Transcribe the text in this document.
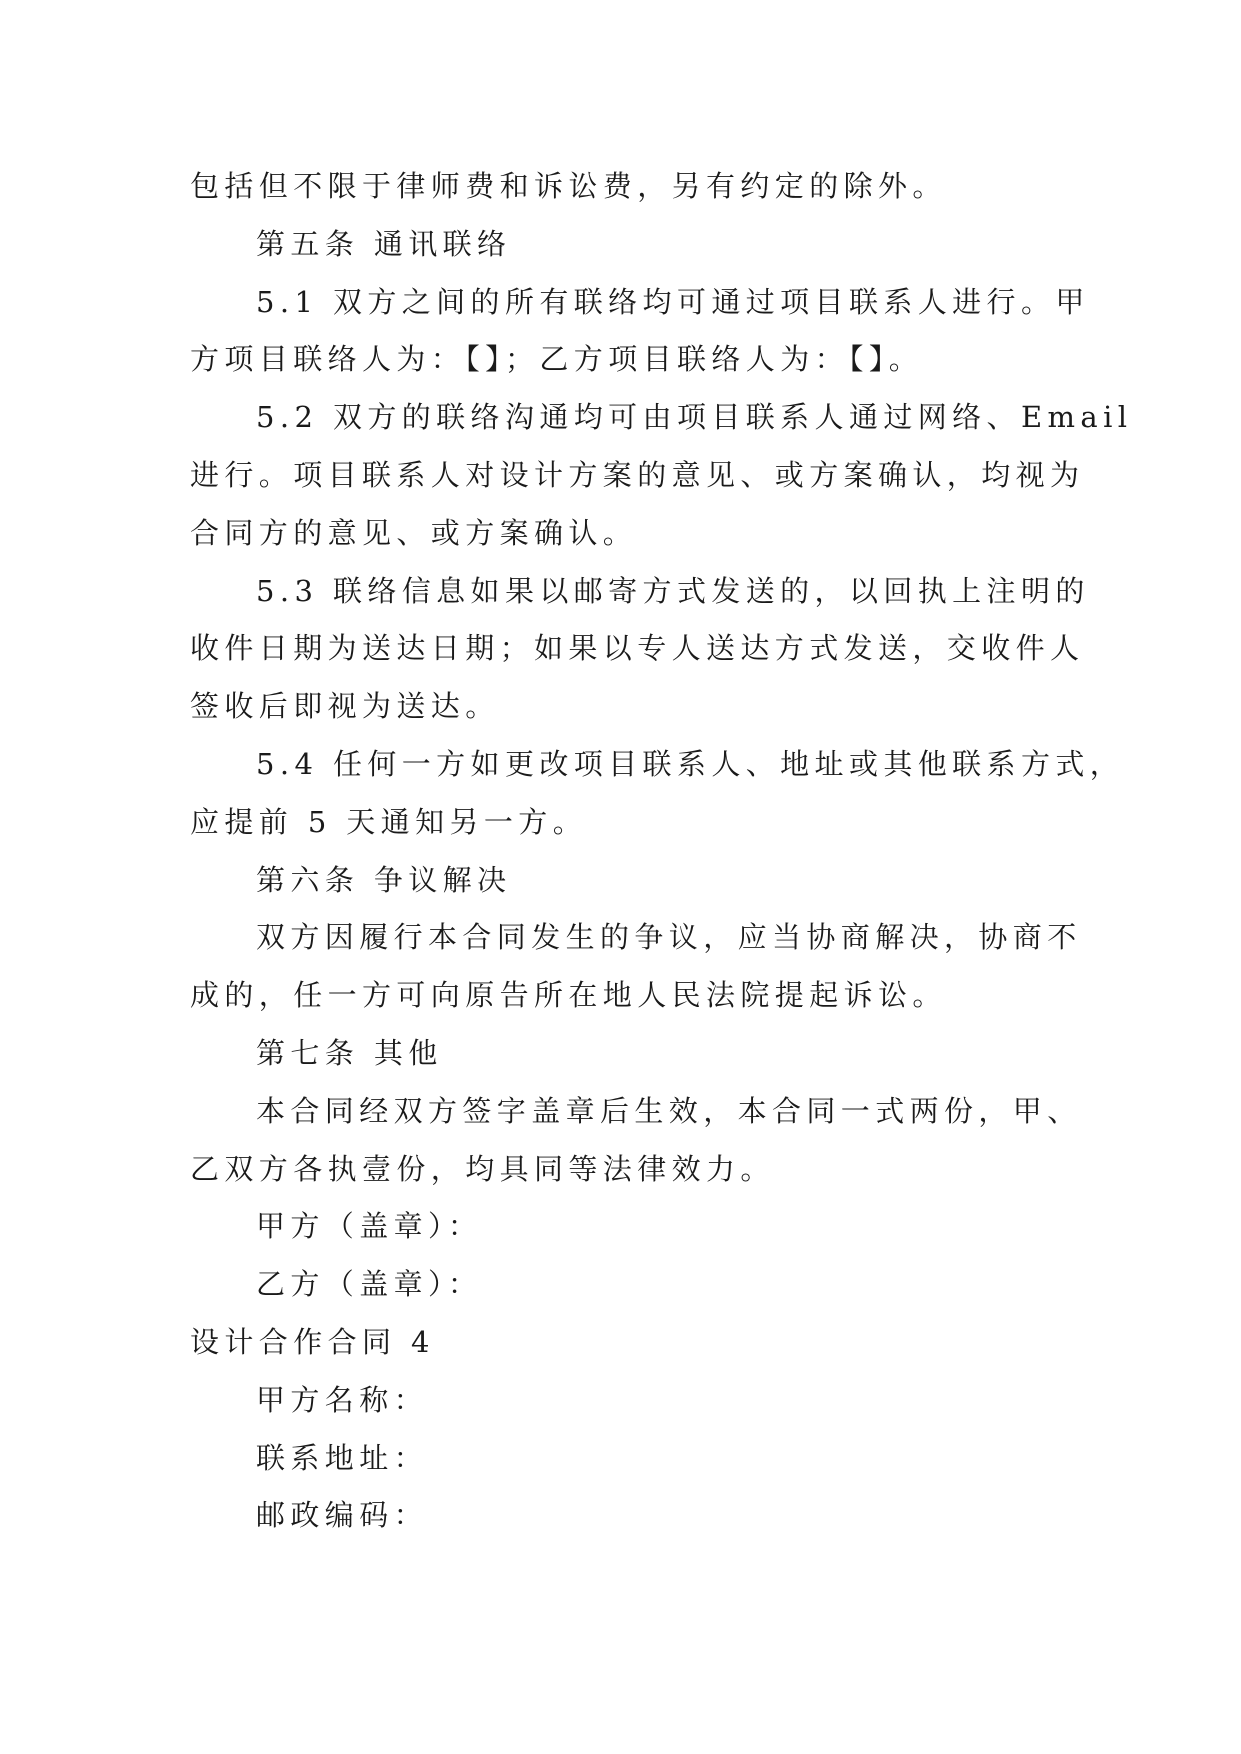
包括但不限于律师费和诉讼费，另有约定的除外。
第五条 通讯联络
5.1 双方之间的所有联络均可通过项目联系人进行。甲
方项目联络人为：【】；乙方项目联络人为：【】。
5.2 双方的联络沟通均可由项目联系人通过网络、Email
进行。项目联系人对设计方案的意见、或方案确认，均视为
合同方的意见、或方案确认。
5.3 联络信息如果以邮寄方式发送的，以回执上注明的
收件日期为送达日期；如果以专人送达方式发送，交收件人
签收后即视为送达。
5.4 任何一方如更改项目联系人、地址或其他联系方式，
应提前 5 天通知另一方。
第六条 争议解决
双方因履行本合同发生的争议，应当协商解决，协商不
成的，任一方可向原告所在地人民法院提起诉讼。
第七条 其他
本合同经双方签字盖章后生效，本合同一式两份，甲、
乙双方各执壹份，均具同等法律效力。
甲方（盖章）：
乙方（盖章）：
设计合作合同 4
甲方名称：
联系地址：
邮政编码：
